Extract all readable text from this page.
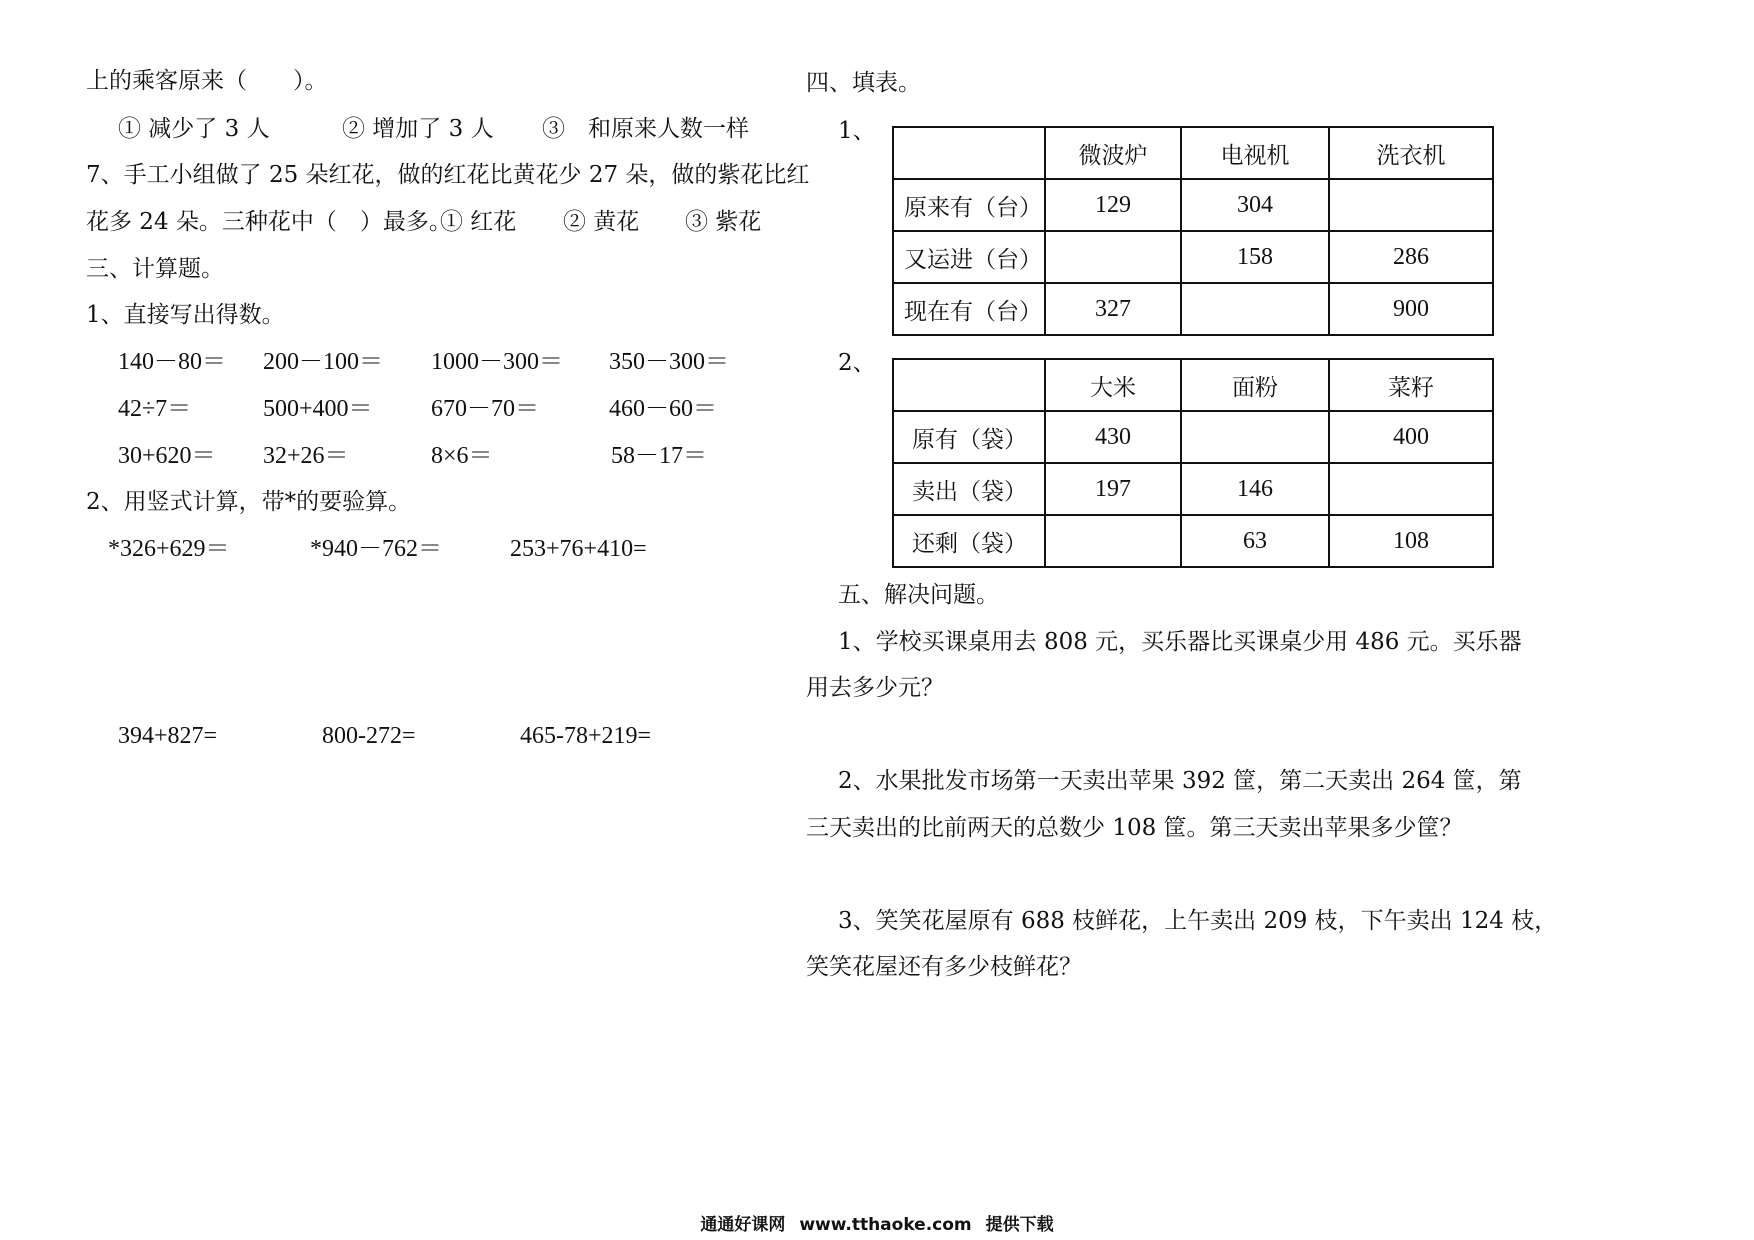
上的乘客原来（　　）。
① 减少了 3 人	② 增加了 3 人 ③　和原来人数一样
7、手工小组做了 25 朵红花，做的红花比黄花少 27 朵，做的紫花比红
花多 24 朵。三种花中（　）最多。
① 红花 ② 黄花 ③ 紫花
三、计算题。
1、直接写出得数。
140－80＝ 200－100＝ 1000－300＝ 350－300＝
42÷7＝	500+400＝ 670－70＝	460－60＝
30+620＝ 32+26＝	8×6＝	58－17＝
2、用竖式计算，带*的要验算。
*326+629＝	*940－762＝	253+76+410=
394+827=	800-272=	465-78+219=
四、填表。
1、
	微波炉	电视机	洗衣机
原来有（台）	129	304	
又运进（台）		158	286
现在有（台）	327		900
2、
	大米	面粉	菜籽
原有（袋）	430		400
卖出（袋）	197	146	
还剩（袋）		63	108
五、解决问题。
1、学校买课桌用去 808 元，买乐器比买课桌少用 486 元。买乐器
用去多少元？
2、水果批发市场第一天卖出苹果 392 筐，第二天卖出 264 筐，第
三天卖出的比前两天的总数少 108 筐。第三天卖出苹果多少筐？
3、笑笑花屋原有 688 枝鲜花，上午卖出 209 枝，下午卖出 124 枝，
笑笑花屋还有多少枝鲜花？
通通好课网 www.tthaoke.com 提供下载
